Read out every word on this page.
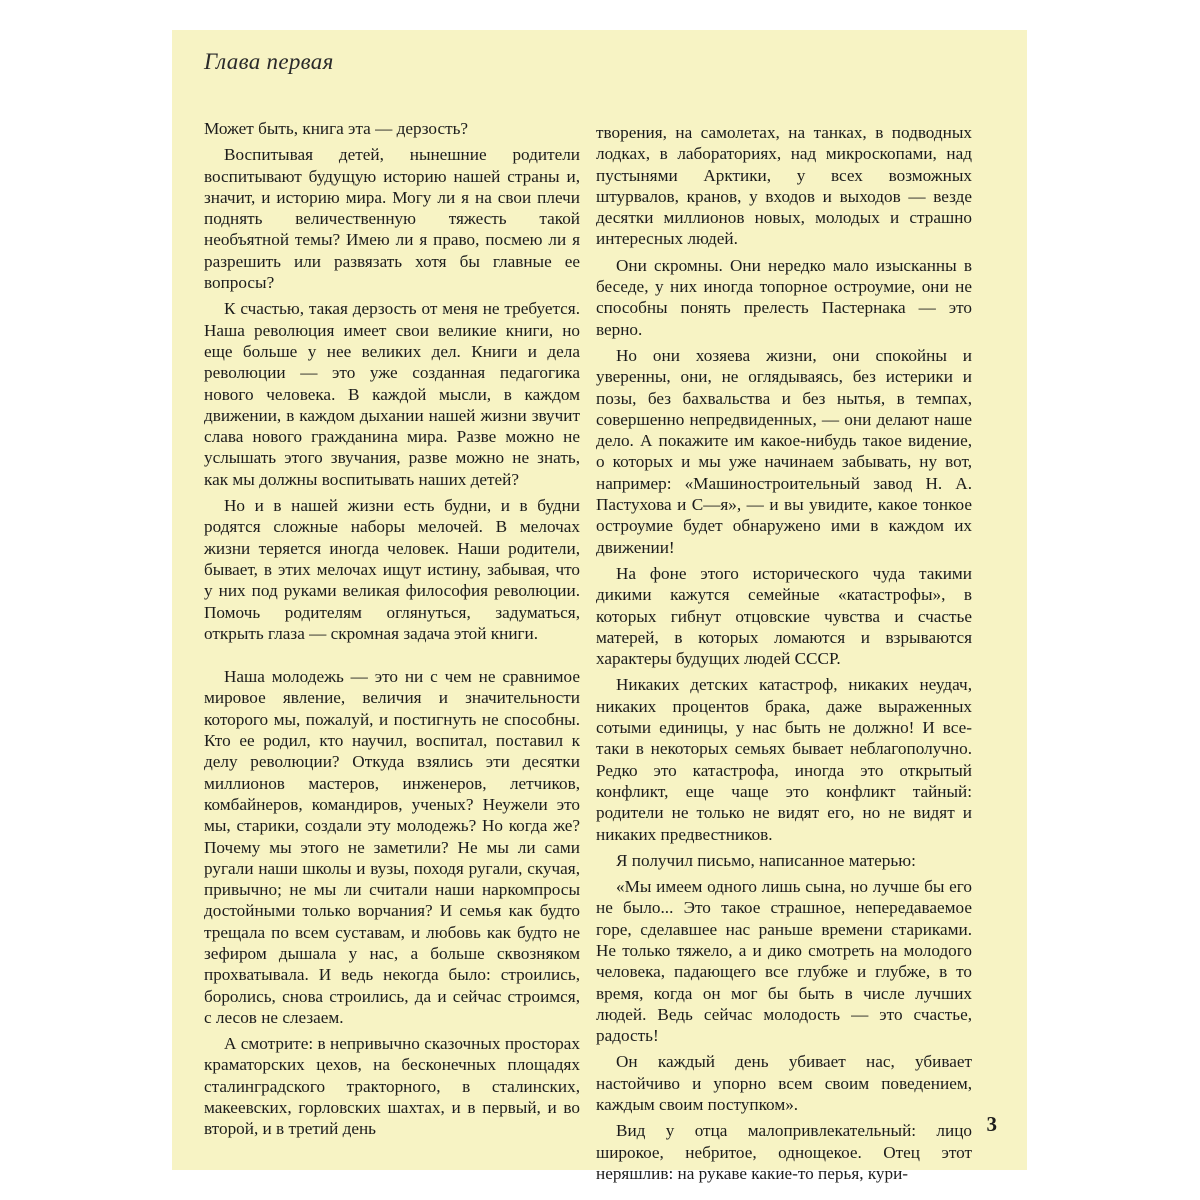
Глава первая

Может быть, книга эта — дерзость?

Воспитывая детей, нынешние родители воспитывают будущую историю нашей страны и, значит, и историю мира. Могу ли я на свои плечи поднять величественную тяжесть такой необъятной темы? Имею ли я право, посмею ли я разрешить или развязать хотя бы главные ее вопросы?

К счастью, такая дерзость от меня не требуется. Наша революция имеет свои великие книги, но еще больше у нее великих дел. Книги и дела революции — это уже созданная педагогика нового человека. В каждой мысли, в каждом движении, в каждом дыхании нашей жизни звучит слава нового гражданина мира. Разве можно не услышать этого звучания, разве можно не знать, как мы должны воспитывать наших детей?

Но и в нашей жизни есть будни, и в будни родятся сложные наборы мелочей. В мелочах жизни теряется иногда человек. Наши родители, бывает, в этих мелочах ищут истину, забывая, что у них под руками великая философия революции. Помочь родителям оглянуться, задуматься, открыть глаза — скромная задача этой книги.

Наша молодежь — это ни с чем не сравнимое мировое явление, величия и значительности которого мы, пожалуй, и постигнуть не способны. Кто ее родил, кто научил, воспитал, поставил к делу революции? Откуда взялись эти десятки миллионов мастеров, инженеров, летчиков, комбайнеров, командиров, ученых? Неужели это мы, старики, создали эту молодежь? Но когда же? Почему мы этого не заметили? Не мы ли сами ругали наши школы и вузы, походя ругали, скучая, привычно; не мы ли считали наши наркомпросы достойными только ворчания? И семья как будто трещала по всем суставам, и любовь как будто не зефиром дышала у нас, а больше сквозняком прохватывала. И ведь некогда было: строились, боролись, снова строились, да и сейчас строимся, с лесов не слезаем.

А смотрите: в непривычно сказочных просторах краматорских цехов, на бесконечных площадях сталинградского тракторного, в сталинских, макеевских, горловских шахтах, и в первый, и во второй, и в третий день

творения, на самолетах, на танках, в подводных лодках, в лабораториях, над микроскопами, над пустынями Арктики, у всех возможных штурвалов, кранов, у входов и выходов — везде десятки миллионов новых, молодых и страшно интересных людей.

Они скромны. Они нередко мало изысканны в беседе, у них иногда топорное остроумие, они не способны понять прелесть Пастернака — это верно.

Но они хозяева жизни, они спокойны и уверенны, они, не оглядываясь, без истерики и позы, без бахвальства и без нытья, в темпах, совершенно непредвиденных, — они делают наше дело. А покажите им какое-нибудь такое видение, о которых и мы уже начинаем забывать, ну вот, например: «Машиностроительный завод Н. А. Пастухова и С—я», — и вы увидите, какое тонкое остроумие будет обнаружено ими в каждом их движении!

На фоне этого исторического чуда такими дикими кажутся семейные «катастрофы», в которых гибнут отцовские чувства и счастье матерей, в которых ломаются и взрываются характеры будущих людей СССР.

Никаких детских катастроф, никаких неудач, никаких процентов брака, даже выраженных сотыми единицы, у нас быть не должно! И все-таки в некоторых семьях бывает неблагополучно. Редко это катастрофа, иногда это открытый конфликт, еще чаще это конфликт тайный: родители не только не видят его, но не видят и никаких предвестников.

Я получил письмо, написанное матерью:

«Мы имеем одного лишь сына, но лучше бы его не было... Это такое страшное, непередаваемое горе, сделавшее нас раньше времени стариками. Не только тяжело, а и дико смотреть на молодого человека, падающего все глубже и глубже, в то время, когда он мог бы быть в числе лучших людей. Ведь сейчас молодость — это счастье, радость!

Он каждый день убивает нас, убивает настойчиво и упорно всем своим поведением, каждым своим поступком».

Вид у отца малопривлекательный: лицо широкое, небритое, однощекое. Отец этот неряшлив: на рукаве какие-то перья, кури-

3
